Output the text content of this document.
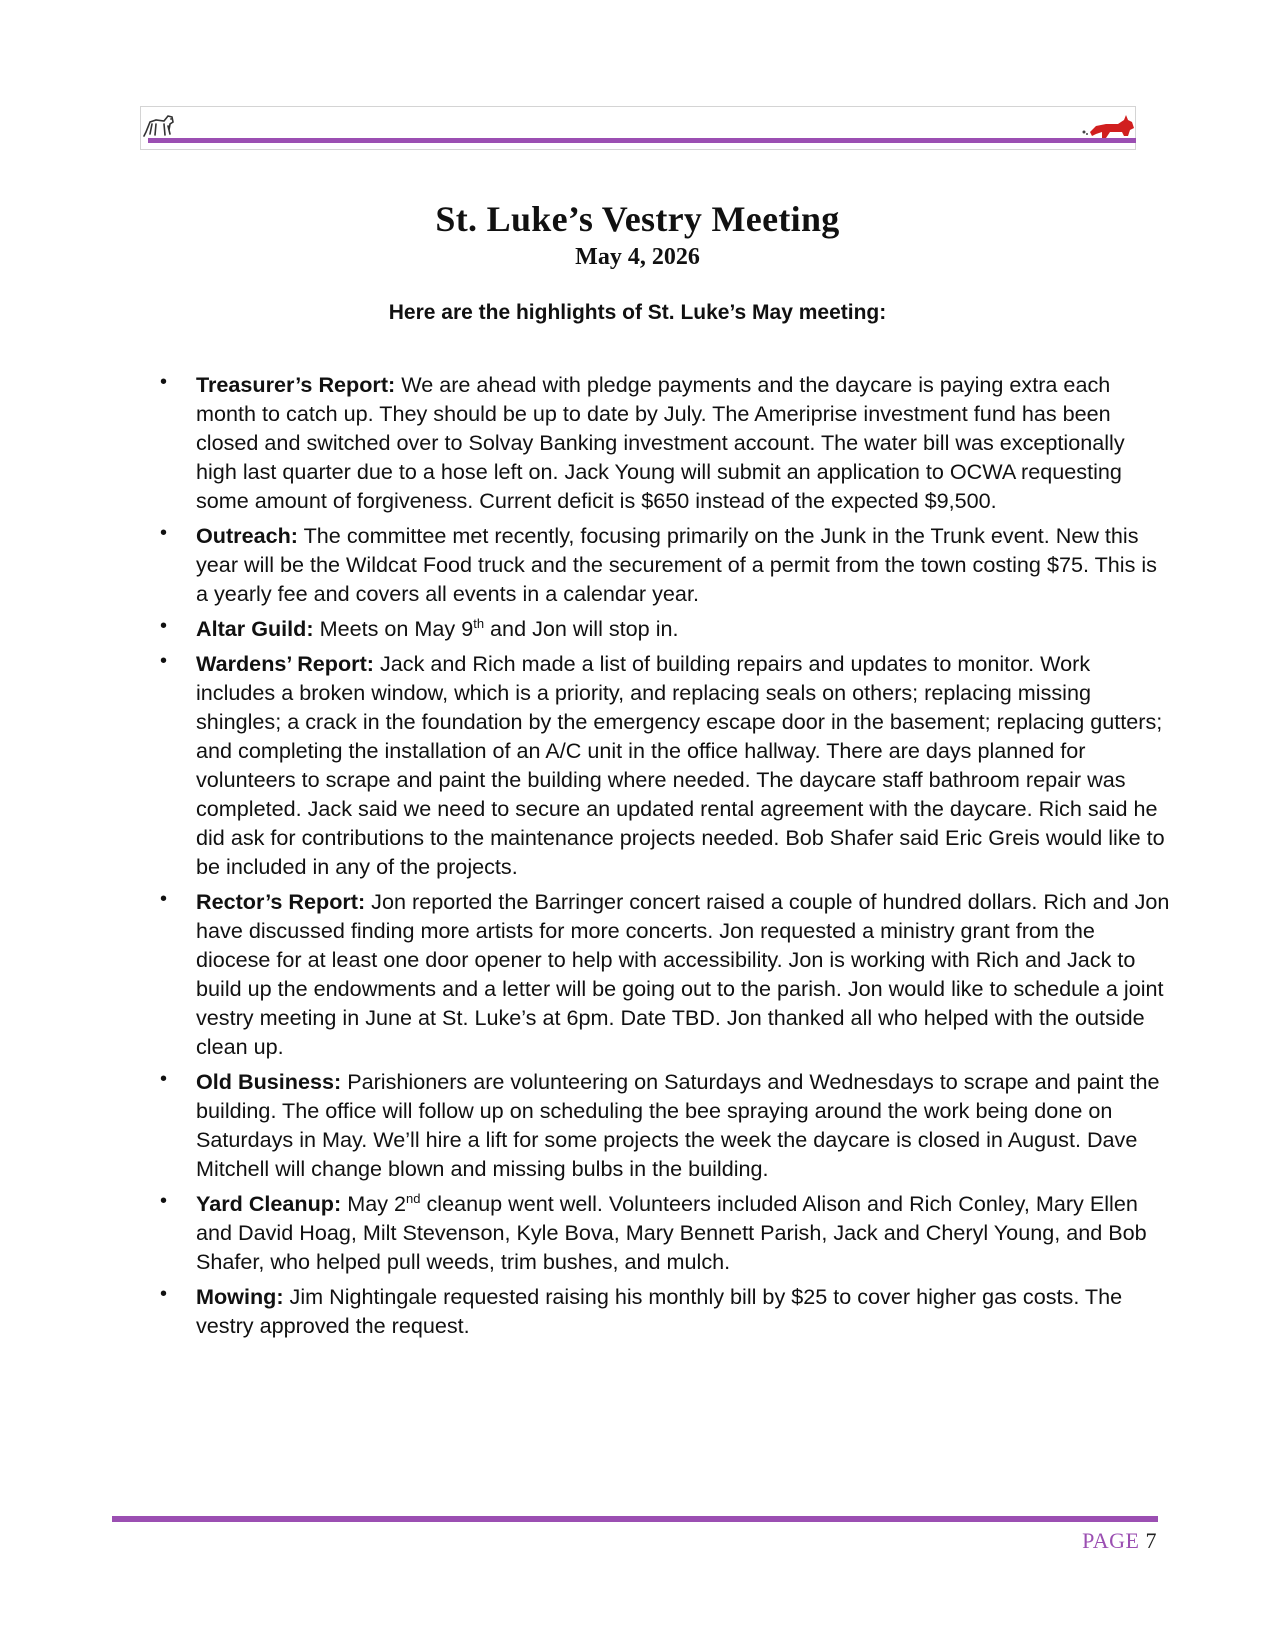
St. Luke’s Vestry Meeting
May 4, 2026
Here are the highlights of St. Luke’s May meeting:
• Treasurer’s Report: We are ahead with pledge payments and the daycare is paying extra each month to catch up. They should be up to date by July. The Ameriprise investment fund has been closed and switched over to Solvay Banking investment account. The water bill was exceptionally high last quarter due to a hose left on. Jack Young will submit an application to OCWA requesting some amount of forgiveness. Current deficit is $650 instead of the expected $9,500.
• Outreach: The committee met recently, focusing primarily on the Junk in the Trunk event. New this year will be the Wildcat Food truck and the securement of a permit from the town costing $75. This is a yearly fee and covers all events in a calendar year.
• Altar Guild: Meets on May 9th and Jon will stop in.
• Wardens’ Report: Jack and Rich made a list of building repairs and updates to monitor. Work includes a broken window, which is a priority, and replacing seals on others; replacing missing shingles; a crack in the foundation by the emergency escape door in the basement; replacing gutters; and completing the installation of an A/C unit in the office hallway. There are days planned for volunteers to scrape and paint the building where needed. The daycare staff bathroom repair was completed. Jack said we need to secure an updated rental agreement with the daycare. Rich said he did ask for contributions to the maintenance projects needed. Bob Shafer said Eric Greis would like to be included in any of the projects.
• Rector’s Report: Jon reported the Barringer concert raised a couple of hundred dollars. Rich and Jon have discussed finding more artists for more concerts. Jon requested a ministry grant from the diocese for at least one door opener to help with accessibility. Jon is working with Rich and Jack to build up the endowments and a letter will be going out to the parish. Jon would like to schedule a joint vestry meeting in June at St. Luke’s at 6pm. Date TBD. Jon thanked all who helped with the outside clean up.
• Old Business: Parishioners are volunteering on Saturdays and Wednesdays to scrape and paint the building. The office will follow up on scheduling the bee spraying around the work being done on Saturdays in May. We’ll hire a lift for some projects the week the daycare is closed in August. Dave Mitchell will change blown and missing bulbs in the building.
• Yard Cleanup: May 2nd cleanup went well. Volunteers included Alison and Rich Conley, Mary Ellen and David Hoag, Milt Stevenson, Kyle Bova, Mary Bennett Parish, Jack and Cheryl Young, and Bob Shafer, who helped pull weeds, trim bushes, and mulch.
• Mowing: Jim Nightingale requested raising his monthly bill by $25 to cover higher gas costs. The vestry approved the request.
PAGE 7
